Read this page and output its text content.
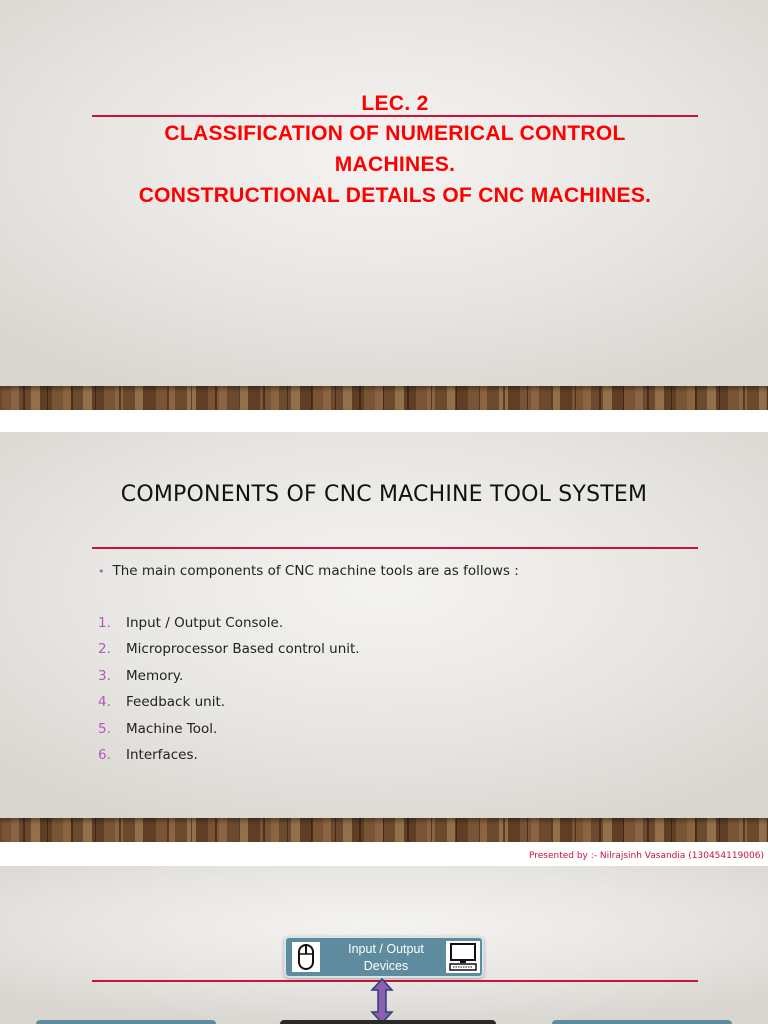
LEC. 2
CLASSIFICATION OF NUMERICAL CONTROL
MACHINES.
CONSTRUCTIONAL DETAILS OF CNC MACHINES.
COMPONENTS OF CNC MACHINE TOOL SYSTEM
• The main components of CNC machine tools are as follows :
1. Input / Output Console.
2. Microprocessor Based control unit.
3. Memory.
4. Feedback unit.
5. Machine Tool.
6. Interfaces.
Presented by :- Nilrajsinh Vasandia (130454119006)
Input / Output
Devices
